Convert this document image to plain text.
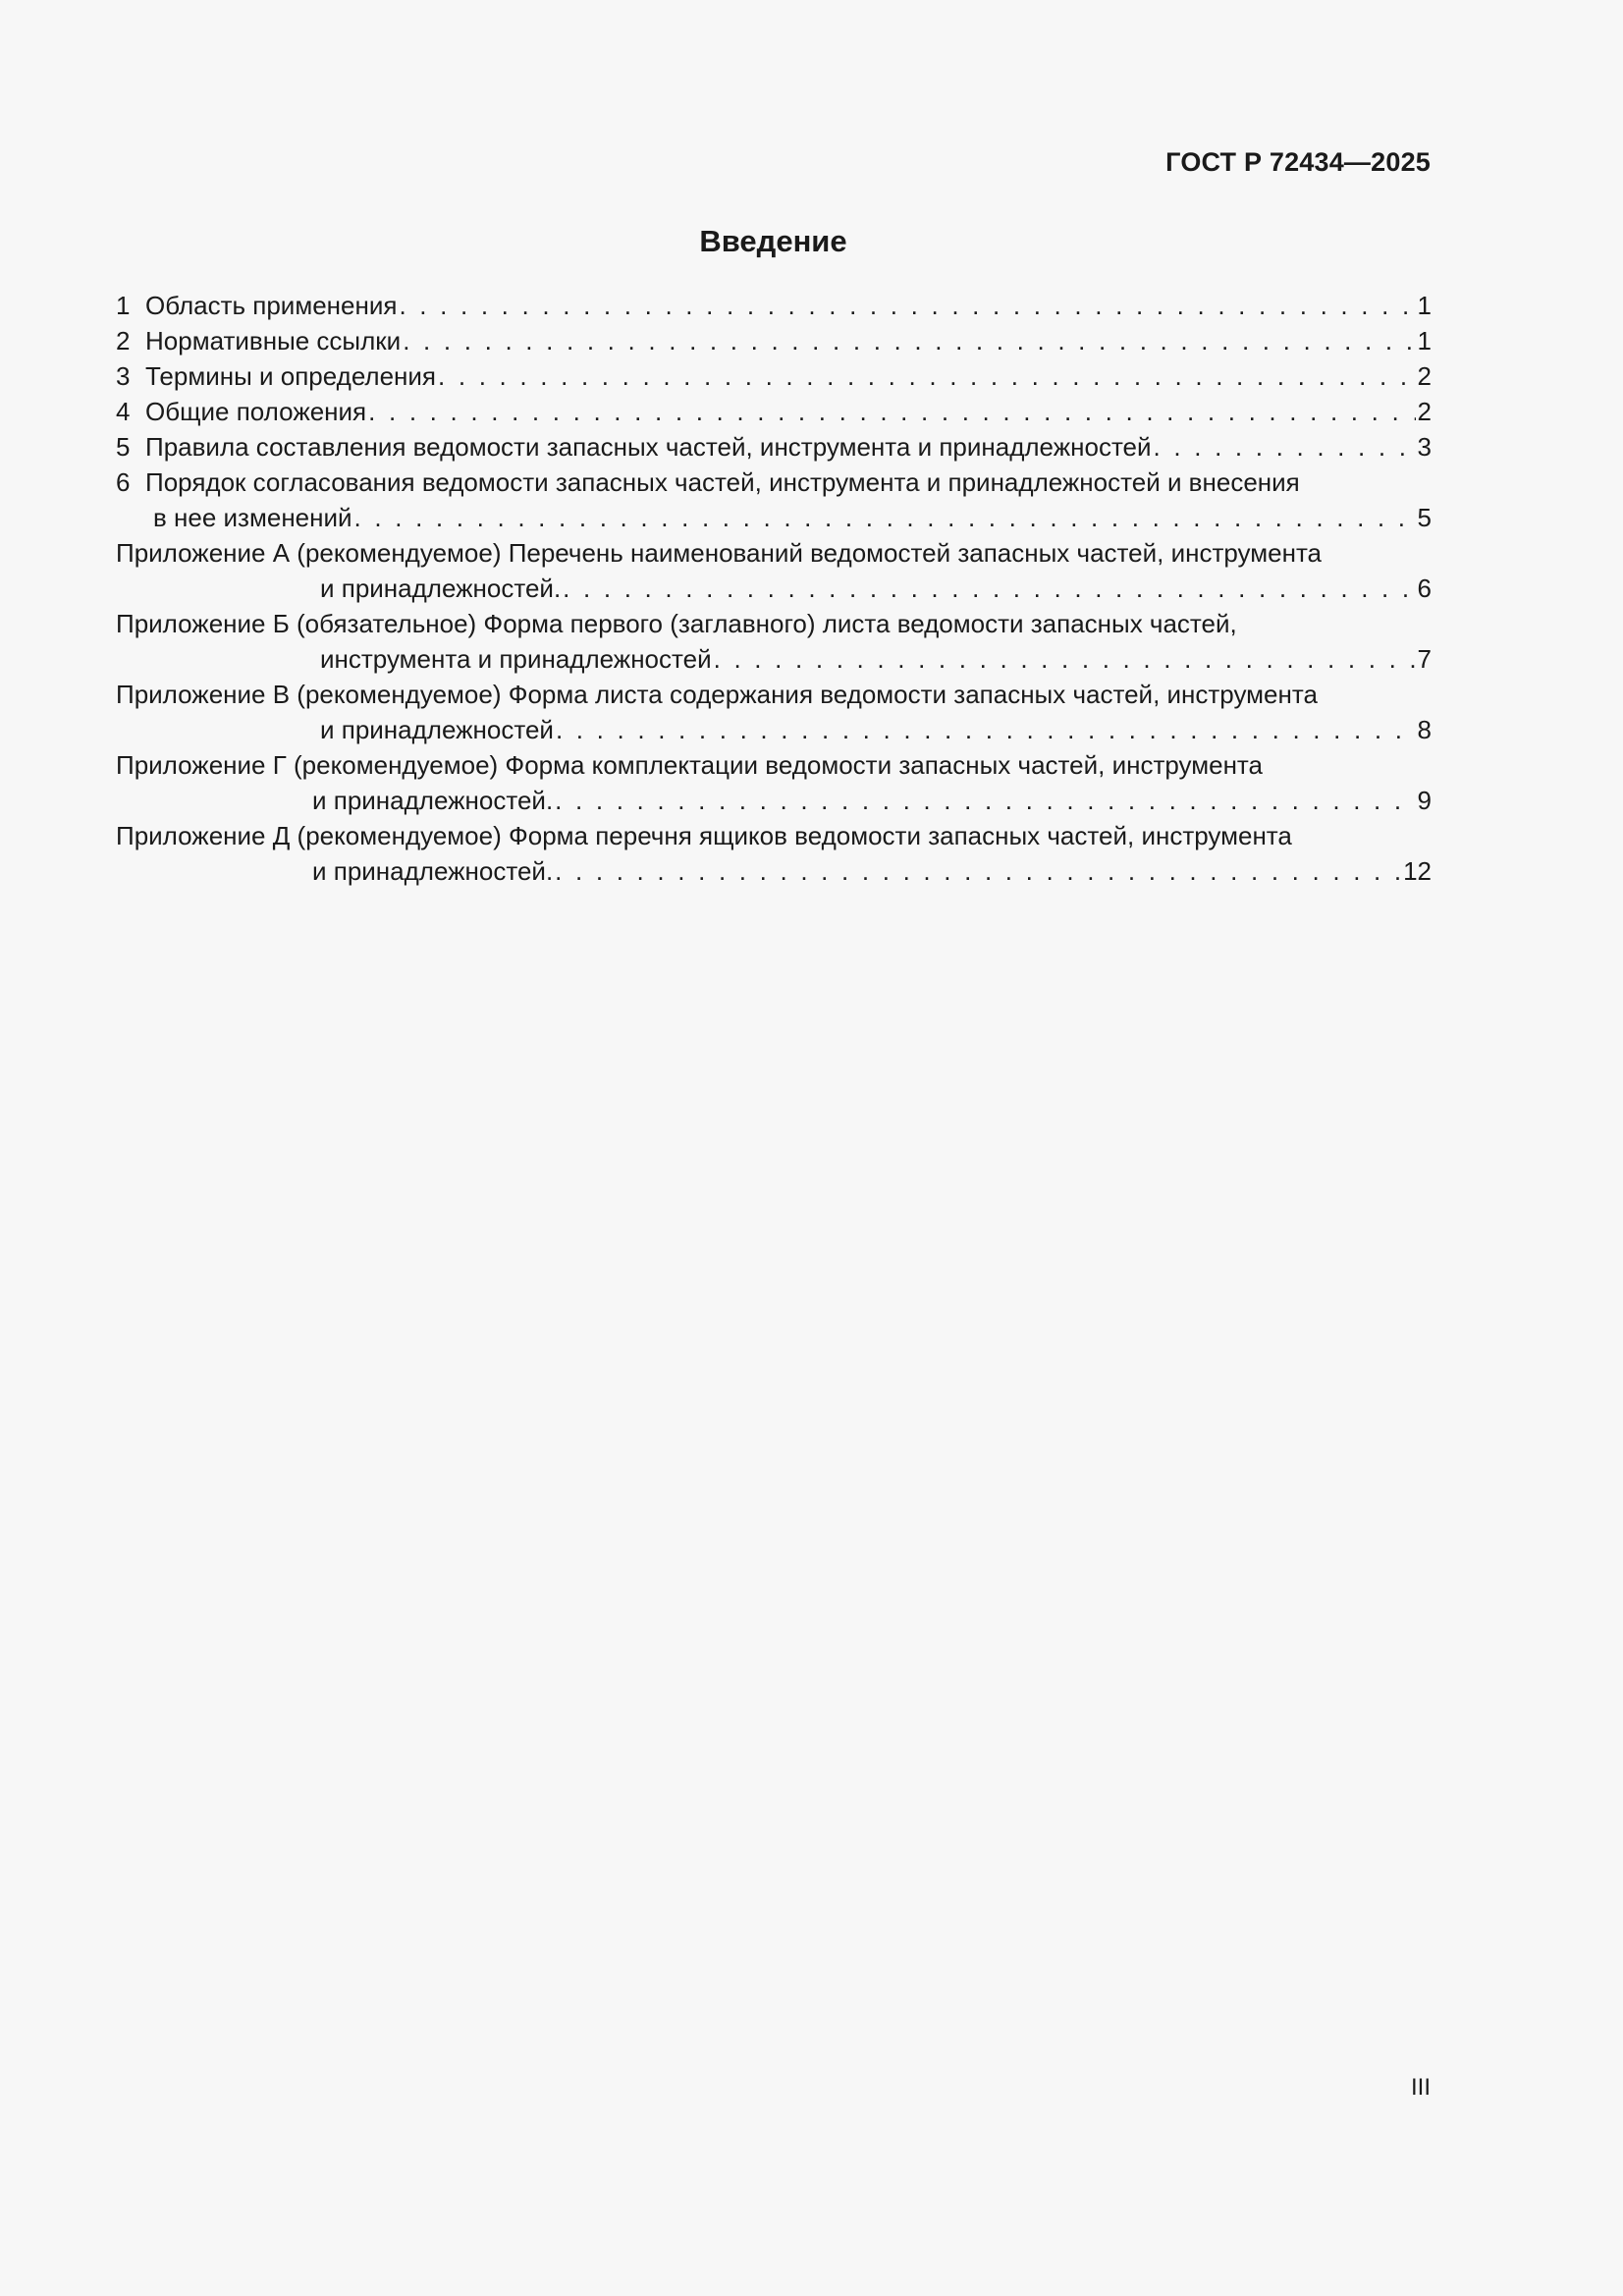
ГОСТ Р 72434—2025
Введение
1 Область применения . . .	1
2 Нормативные ссылки . . .	1
3 Термины и определения . . .	2
4 Общие положения . . .	2
5 Правила составления ведомости запасных частей, инструмента и принадлежностей . . .	3
6 Порядок согласования ведомости запасных частей, инструмента и принадлежностей и внесения
в нее изменений . . .	5
Приложение А (рекомендуемое) Перечень наименований ведомостей запасных частей, инструмента
и принадлежностей. . . .	6
Приложение Б (обязательное) Форма первого (заглавного) листа ведомости запасных частей,
инструмента и принадлежностей . . .	7
Приложение В (рекомендуемое) Форма листа содержания ведомости запасных частей, инструмента
и принадлежностей . . .	8
Приложение Г (рекомендуемое) Форма комплектации ведомости запасных частей, инструмента
и принадлежностей. . . .	9
Приложение Д (рекомендуемое) Форма перечня ящиков ведомости запасных частей, инструмента
и принадлежностей. . . .	12
III
